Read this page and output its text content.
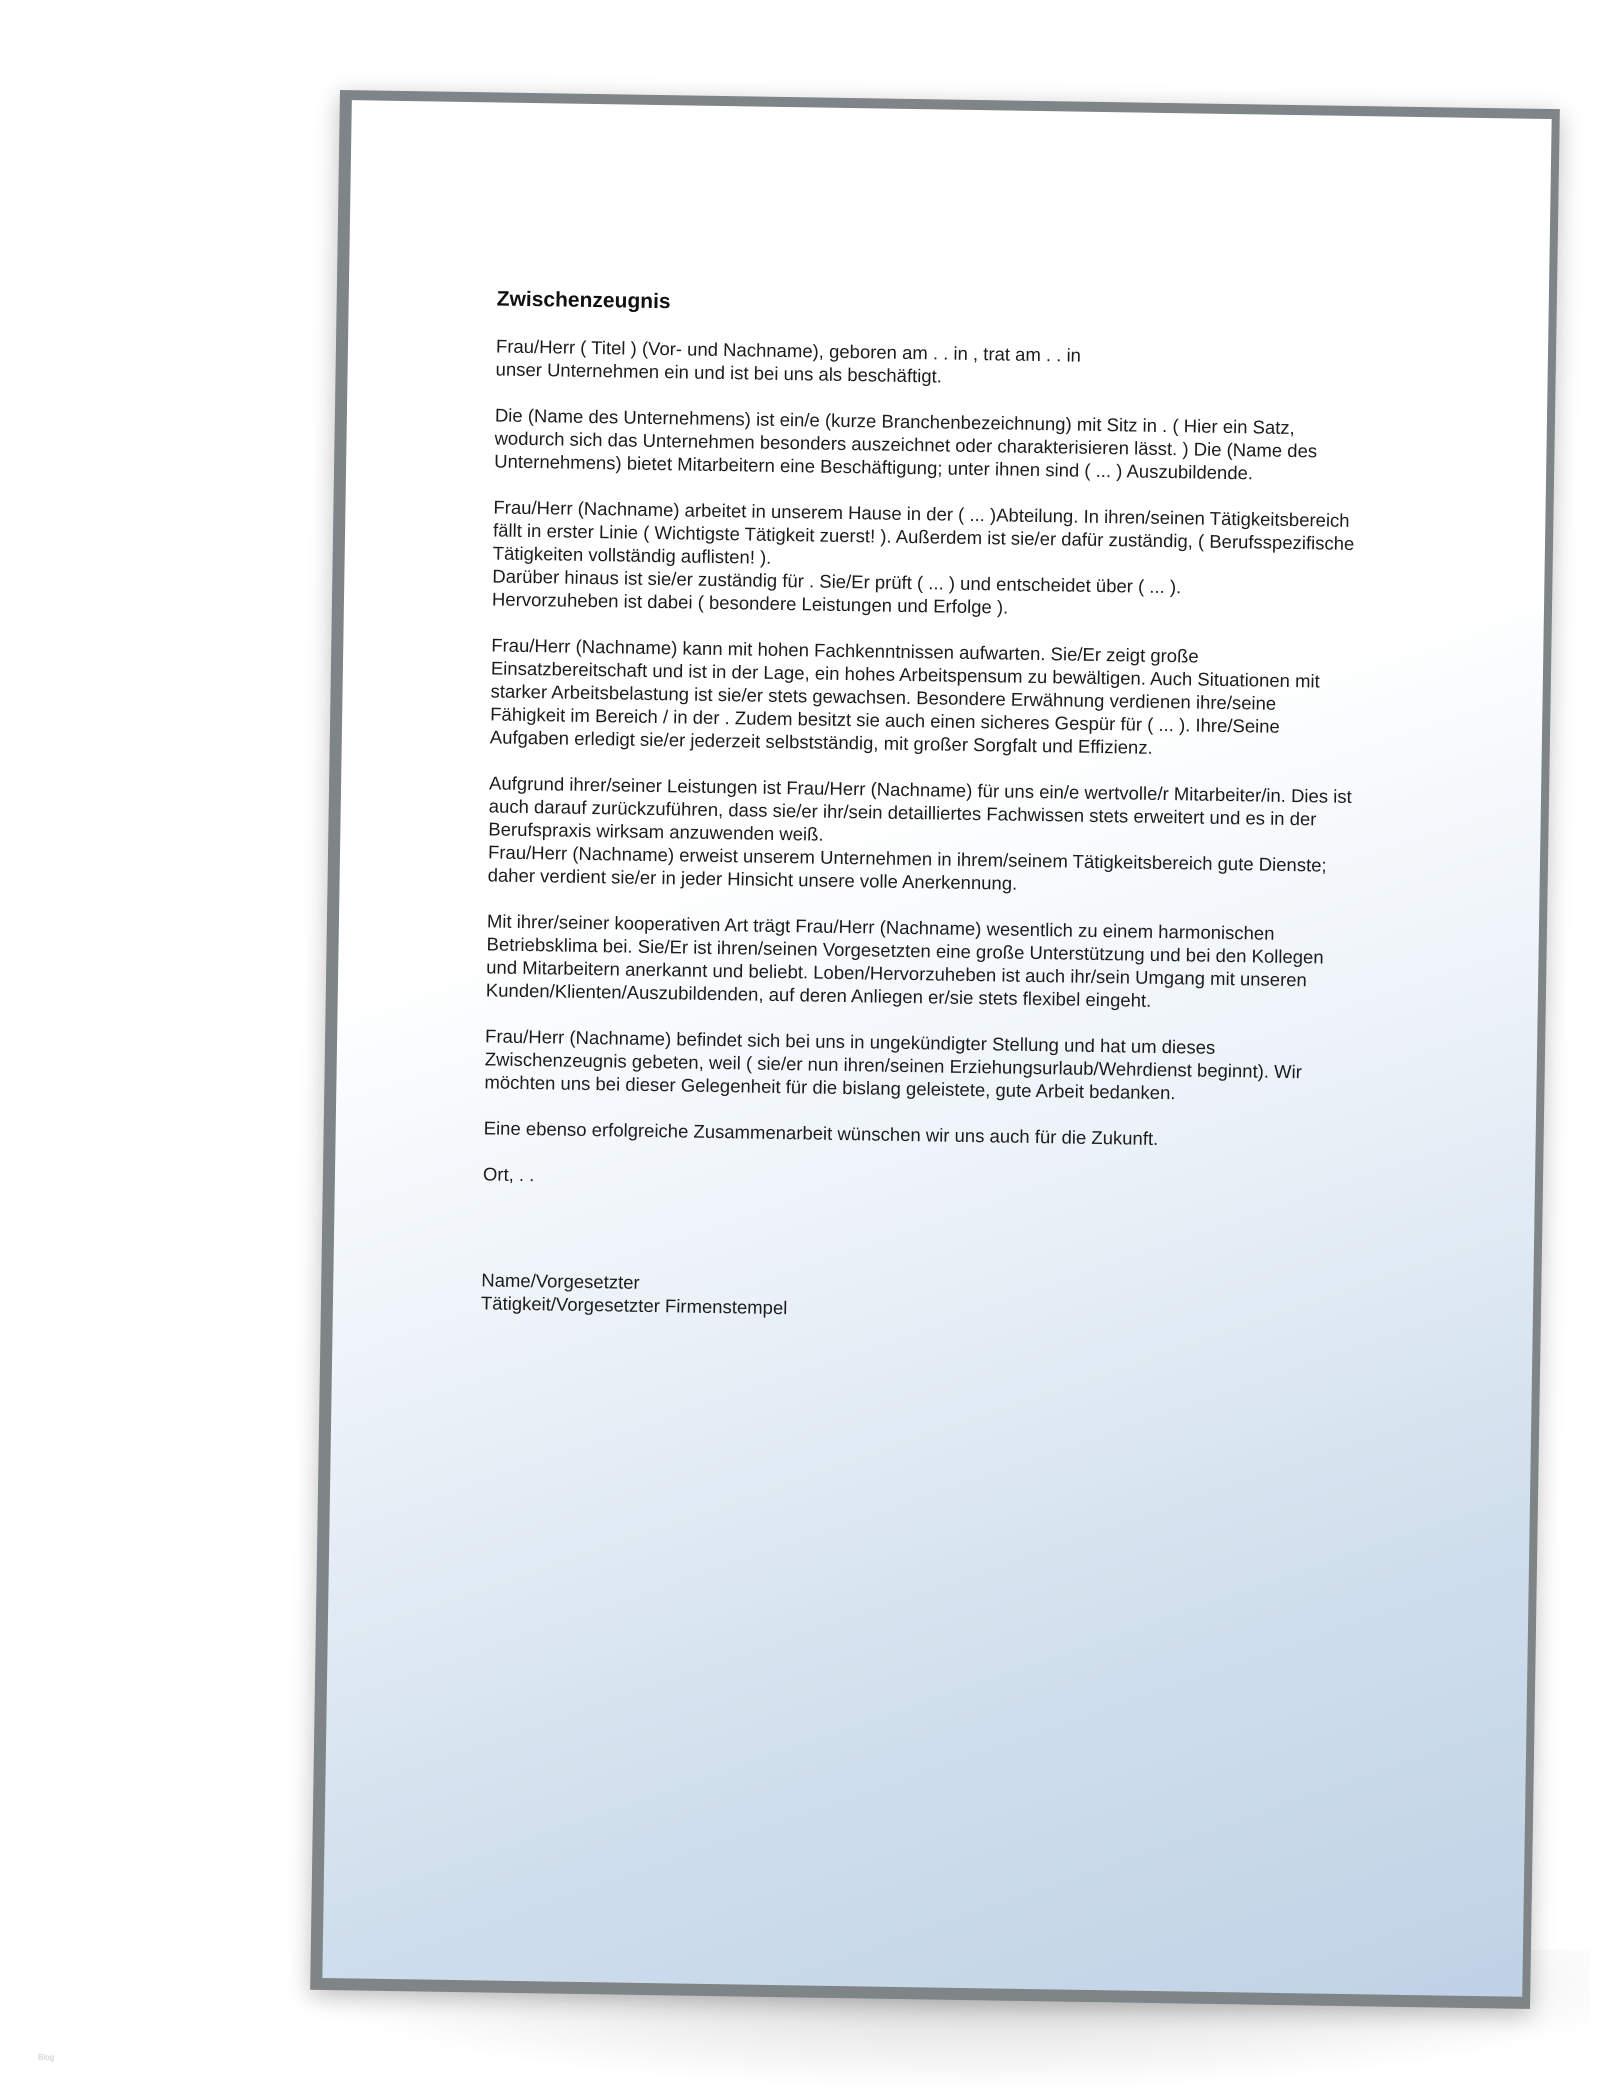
Zwischenzeugnis

Frau/Herr ( Titel ) (Vor- und Nachname), geboren am . . in , trat am . . in
unser Unternehmen ein und ist bei uns als beschäftigt.

Die (Name des Unternehmens) ist ein/e (kurze Branchenbezeichnung) mit Sitz in . ( Hier ein Satz,
wodurch sich das Unternehmen besonders auszeichnet oder charakterisieren lässt. ) Die (Name des
Unternehmens) bietet Mitarbeitern eine Beschäftigung; unter ihnen sind ( ... ) Auszubildende.

Frau/Herr (Nachname) arbeitet in unserem Hause in der ( ... )Abteilung. In ihren/seinen Tätigkeitsbereich
fällt in erster Linie ( Wichtigste Tätigkeit zuerst! ). Außerdem ist sie/er dafür zuständig, ( Berufsspezifische
Tätigkeiten vollständig auflisten! ).
Darüber hinaus ist sie/er zuständig für . Sie/Er prüft ( ... ) und entscheidet über ( ... ).
Hervorzuheben ist dabei ( besondere Leistungen und Erfolge ).

Frau/Herr (Nachname) kann mit hohen Fachkenntnissen aufwarten. Sie/Er zeigt große
Einsatzbereitschaft und ist in der Lage, ein hohes Arbeitspensum zu bewältigen. Auch Situationen mit
starker Arbeitsbelastung ist sie/er stets gewachsen. Besondere Erwähnung verdienen ihre/seine
Fähigkeit im Bereich / in der . Zudem besitzt sie auch einen sicheres Gespür für ( ... ). Ihre/Seine
Aufgaben erledigt sie/er jederzeit selbstständig, mit großer Sorgfalt und Effizienz.

Aufgrund ihrer/seiner Leistungen ist Frau/Herr (Nachname) für uns ein/e wertvolle/r Mitarbeiter/in. Dies ist
auch darauf zurückzuführen, dass sie/er ihr/sein detailliertes Fachwissen stets erweitert und es in der
Berufspraxis wirksam anzuwenden weiß.
Frau/Herr (Nachname) erweist unserem Unternehmen in ihrem/seinem Tätigkeitsbereich gute Dienste;
daher verdient sie/er in jeder Hinsicht unsere volle Anerkennung.

Mit ihrer/seiner kooperativen Art trägt Frau/Herr (Nachname) wesentlich zu einem harmonischen
Betriebsklima bei. Sie/Er ist ihren/seinen Vorgesetzten eine große Unterstützung und bei den Kollegen
und Mitarbeitern anerkannt und beliebt. Loben/Hervorzuheben ist auch ihr/sein Umgang mit unseren
Kunden/Klienten/Auszubildenden, auf deren Anliegen er/sie stets flexibel eingeht.

Frau/Herr (Nachname) befindet sich bei uns in ungekündigter Stellung und hat um dieses
Zwischenzeugnis gebeten, weil ( sie/er nun ihren/seinen Erziehungsurlaub/Wehrdienst beginnt). Wir
möchten uns bei dieser Gelegenheit für die bislang geleistete, gute Arbeit bedanken.

Eine ebenso erfolgreiche Zusammenarbeit wünschen wir uns auch für die Zukunft.

Ort, . .

Name/Vorgesetzter
Tätigkeit/Vorgesetzter Firmenstempel

Blog
